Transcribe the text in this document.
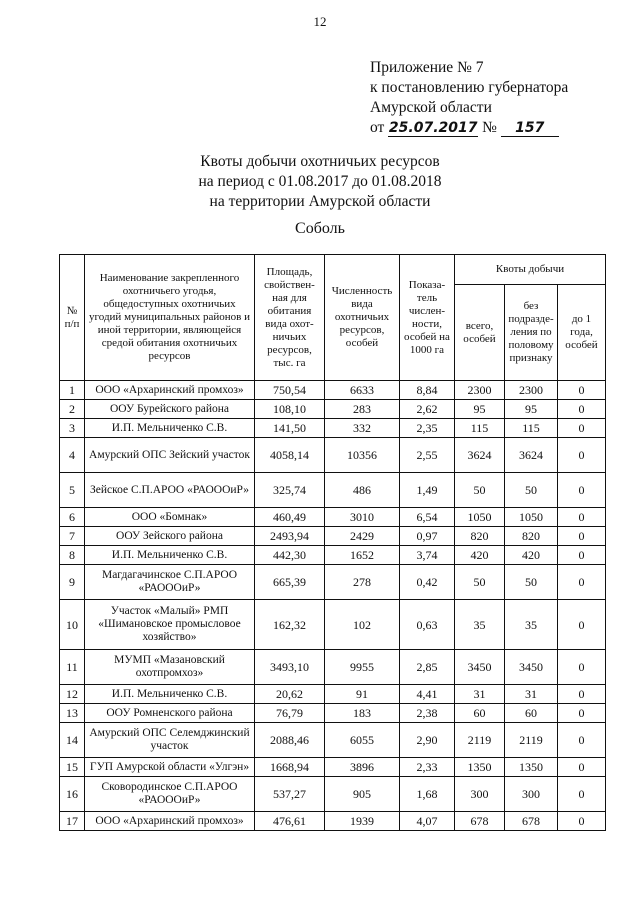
12
Приложение № 7
к постановлению губернатора
Амурской области
от 25.07.2017 № 157
Квоты добычи охотничьих ресурсов
на период с 01.08.2017 до 01.08.2018
на территории Амурской области
Соболь
№ п/п	Наименование закрепленного охотничьего угодья, общедоступных охотничьих угодий муниципальных районов и иной территории, являющейся средой обитания охотничьих ресурсов	Площадь, свойствен-ная для обитания вида охот-ничьих ресурсов, тыс. га	Численность вида охотничьих ресурсов, особей	Показа-тель числен-ности, особей на 1000 га	Квоты добычи		
					всего, особей	без подразде-ления по половому признаку	до 1 года, особей
1	ООО «Архаринский промхоз»	750,54	6633	8,84	2300	2300	0
2	ООУ Бурейского района	108,10	283	2,62	95	95	0
3	И.П. Мельниченко С.В.	141,50	332	2,35	115	115	0
4	Амурский ОПС Зейский участок	4058,14	10356	2,55	3624	3624	0
5	Зейское С.П.АРОО «РАОООиР»	325,74	486	1,49	50	50	0
6	ООО «Бомнак»	460,49	3010	6,54	1050	1050	0
7	ООУ Зейского района	2493,94	2429	0,97	820	820	0
8	И.П. Мельниченко С.В.	442,30	1652	3,74	420	420	0
9	Магдагачинское С.П.АРОО «РАОООиР»	665,39	278	0,42	50	50	0
10	Участок «Малый» РМП «Шимановское промысловое хозяйство»	162,32	102	0,63	35	35	0
11	МУМП «Мазановский охотпромхоз»	3493,10	9955	2,85	3450	3450	0
12	И.П. Мельниченко С.В.	20,62	91	4,41	31	31	0
13	ООУ Ромненского района	76,79	183	2,38	60	60	0
14	Амурский ОПС Селемджинский участок	2088,46	6055	2,90	2119	2119	0
15	ГУП Амурской области «Улгэн»	1668,94	3896	2,33	1350	1350	0
16	Сковородинское С.П.АРОО «РАОООиР»	537,27	905	1,68	300	300	0
17	ООО «Архаринский промхоз»	476,61	1939	4,07	678	678	0
